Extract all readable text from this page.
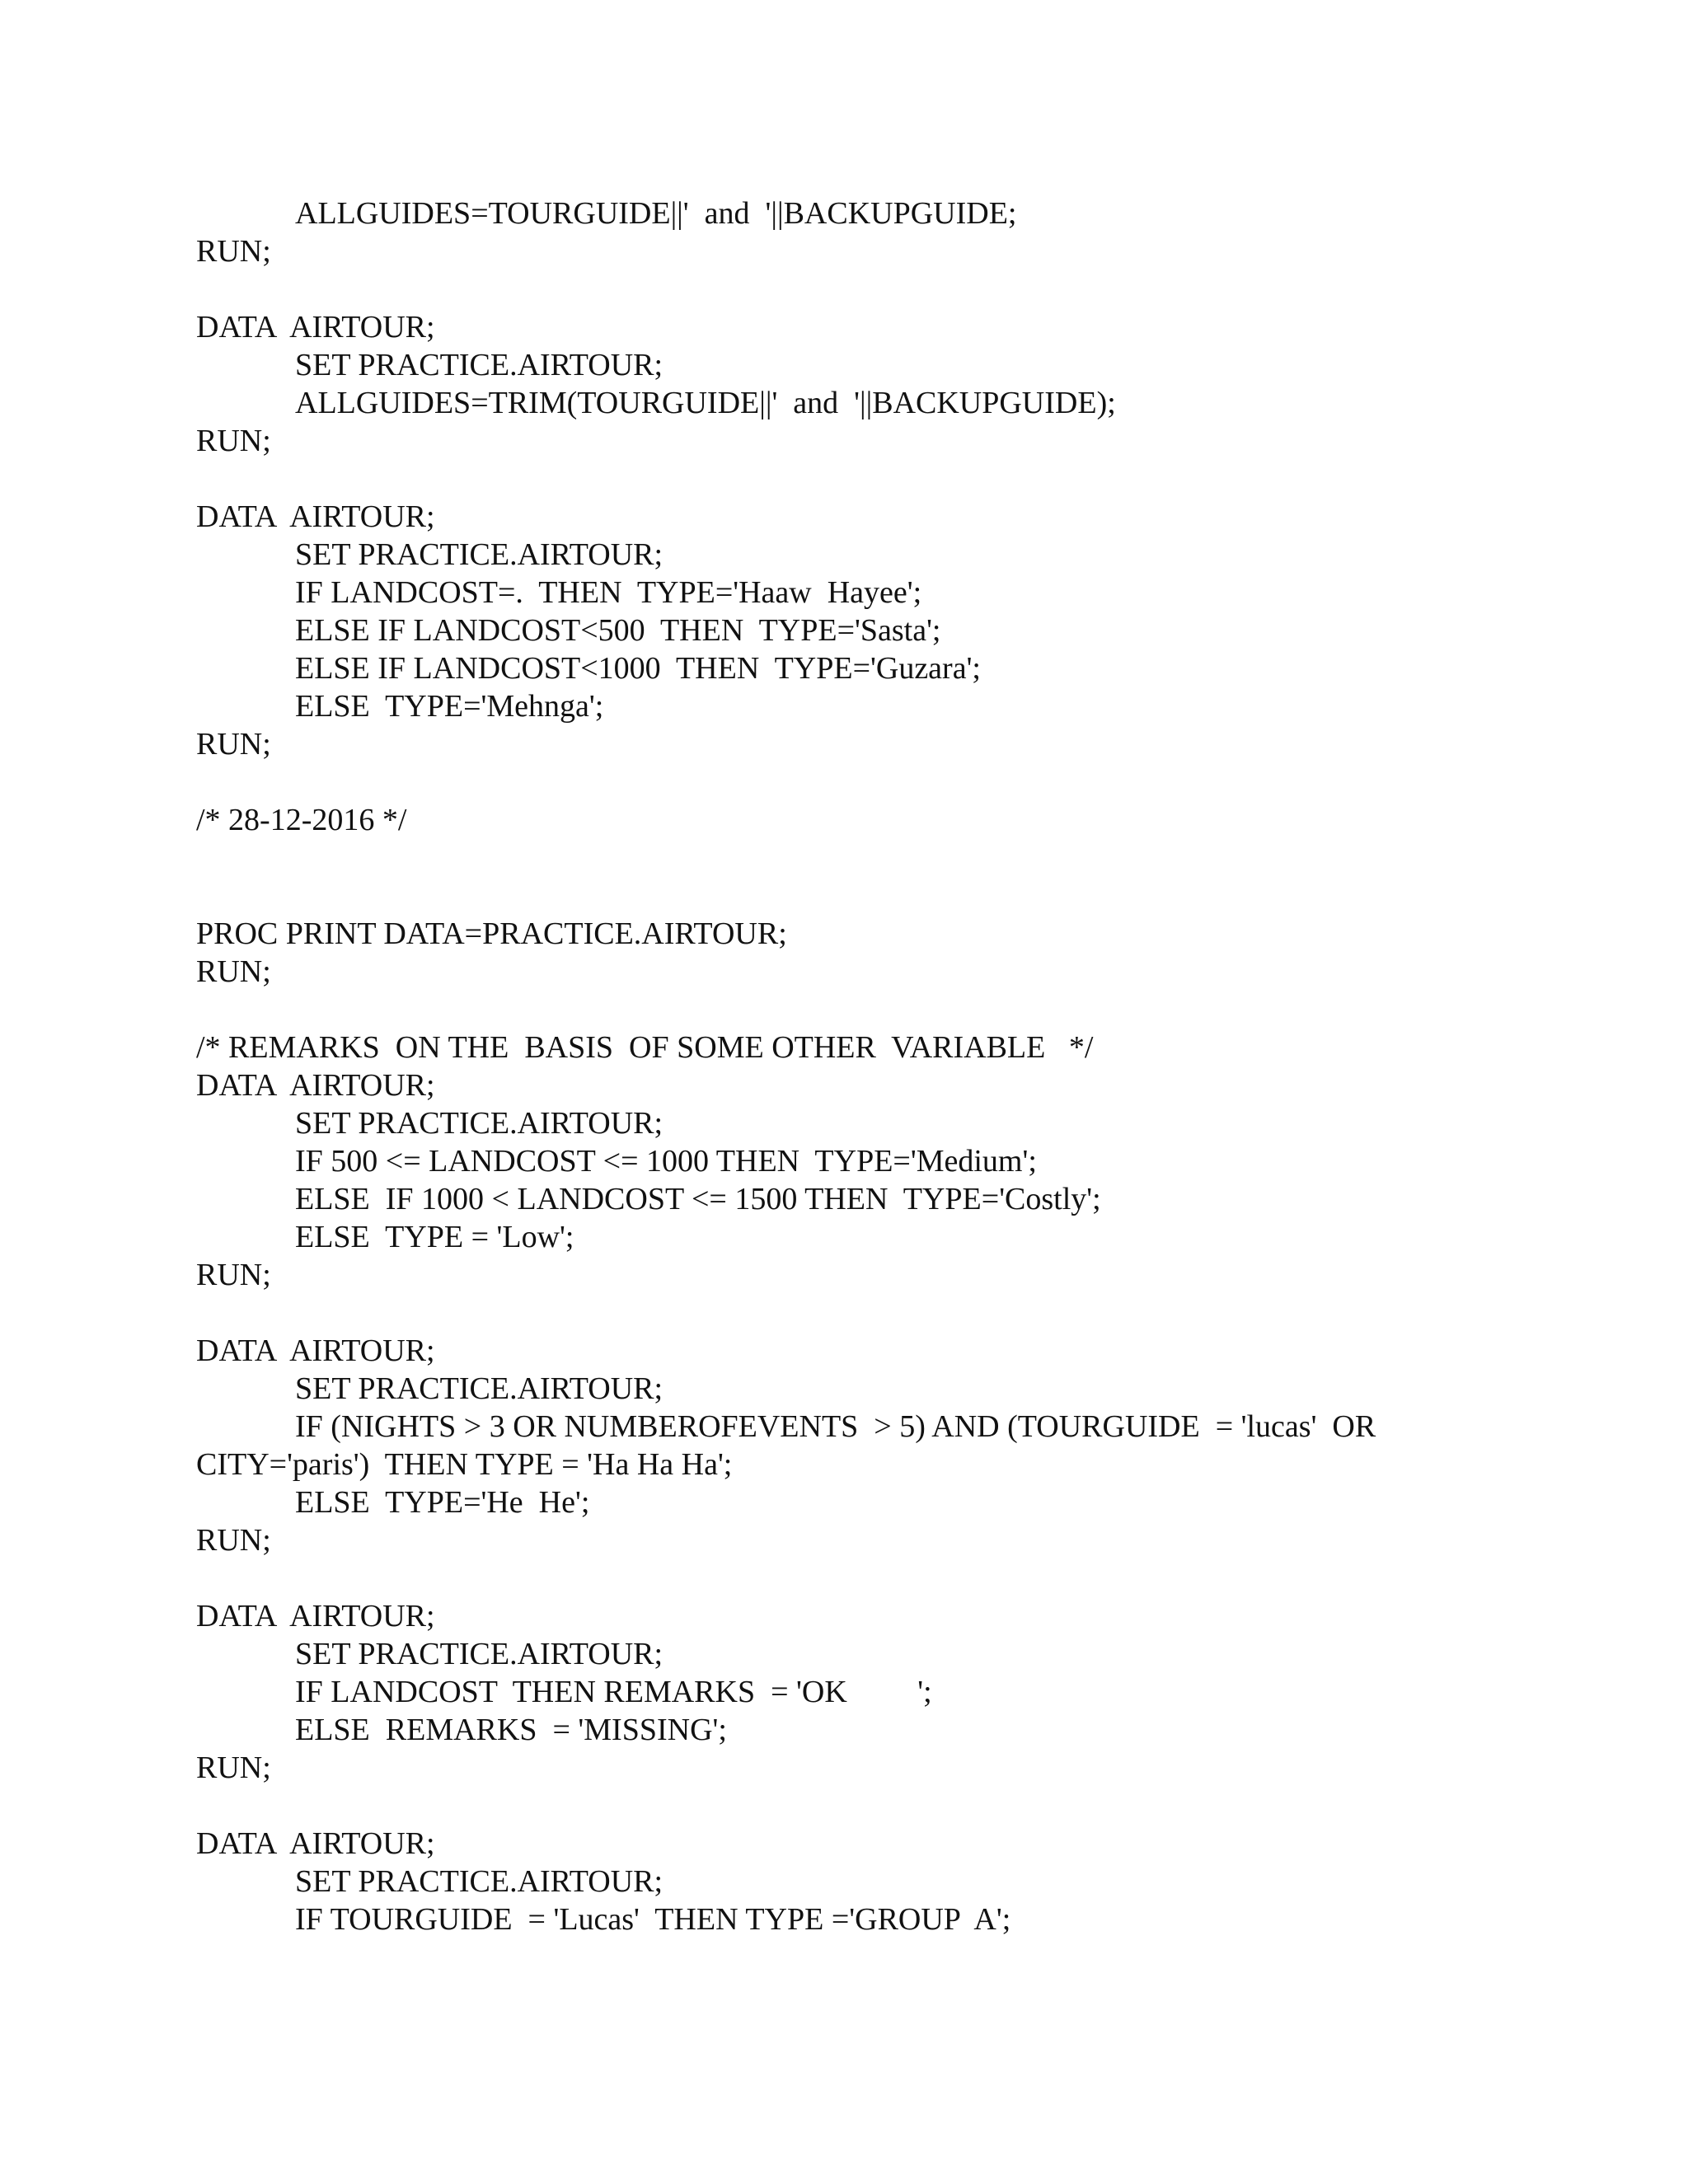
ALLGUIDES=TOURGUIDE||'  and  '||BACKUPGUIDE;
RUN;
DATA  AIRTOUR;
SET PRACTICE.AIRTOUR;
ALLGUIDES=TRIM(TOURGUIDE||'  and  '||BACKUPGUIDE);
RUN;
DATA  AIRTOUR;
SET PRACTICE.AIRTOUR;
IF LANDCOST=.  THEN  TYPE='Haaw  Hayee';
ELSE IF LANDCOST<500  THEN  TYPE='Sasta';
ELSE IF LANDCOST<1000  THEN  TYPE='Guzara';
ELSE  TYPE='Mehnga';
RUN;
/* 28-12-2016 */
PROC PRINT DATA=PRACTICE.AIRTOUR;
RUN;
/* REMARKS  ON THE  BASIS  OF SOME OTHER  VARIABLE   */
DATA  AIRTOUR;
SET PRACTICE.AIRTOUR;
IF 500 <= LANDCOST <= 1000 THEN  TYPE='Medium';
ELSE  IF 1000 < LANDCOST <= 1500 THEN  TYPE='Costly';
ELSE  TYPE = 'Low';
RUN;
DATA  AIRTOUR;
SET PRACTICE.AIRTOUR;
IF (NIGHTS > 3 OR NUMBEROFEVENTS  > 5) AND (TOURGUIDE  = 'lucas'  OR
CITY='paris')  THEN TYPE = 'Ha Ha Ha';
ELSE  TYPE='He  He';
RUN;
DATA  AIRTOUR;
SET PRACTICE.AIRTOUR;
IF LANDCOST  THEN REMARKS  = 'OK         ';
ELSE  REMARKS  = 'MISSING';
RUN;
DATA  AIRTOUR;
SET PRACTICE.AIRTOUR;
IF TOURGUIDE  = 'Lucas'  THEN TYPE ='GROUP  A';
